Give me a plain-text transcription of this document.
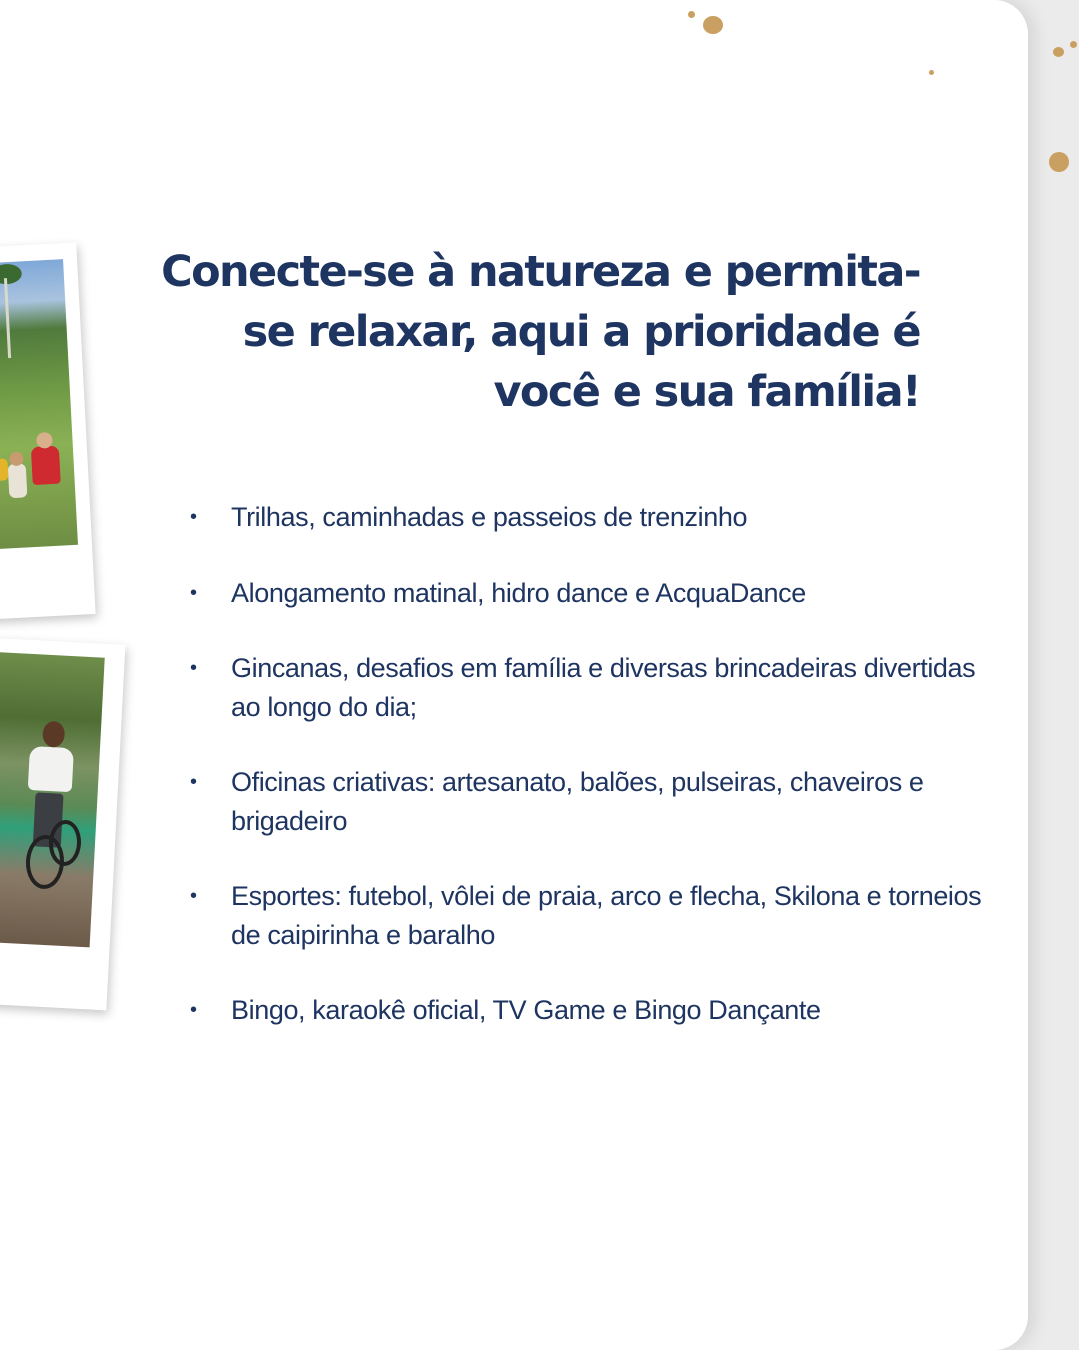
Conecte-se à natureza e permita-se relaxar, aqui a prioridade é você e sua família!
• Trilhas, caminhadas e passeios de trenzinho
• Alongamento matinal, hidro dance e AcquaDance
• Gincanas, desafios em família e diversas brincadeiras divertidas ao longo do dia;
• Oficinas criativas: artesanato, balões, pulseiras, chaveiros e brigadeiro
• Esportes: futebol, vôlei de praia, arco e flecha, Skilona e torneios de caipirinha e baralho
• Bingo, karaokê oficial, TV Game e Bingo Dançante
